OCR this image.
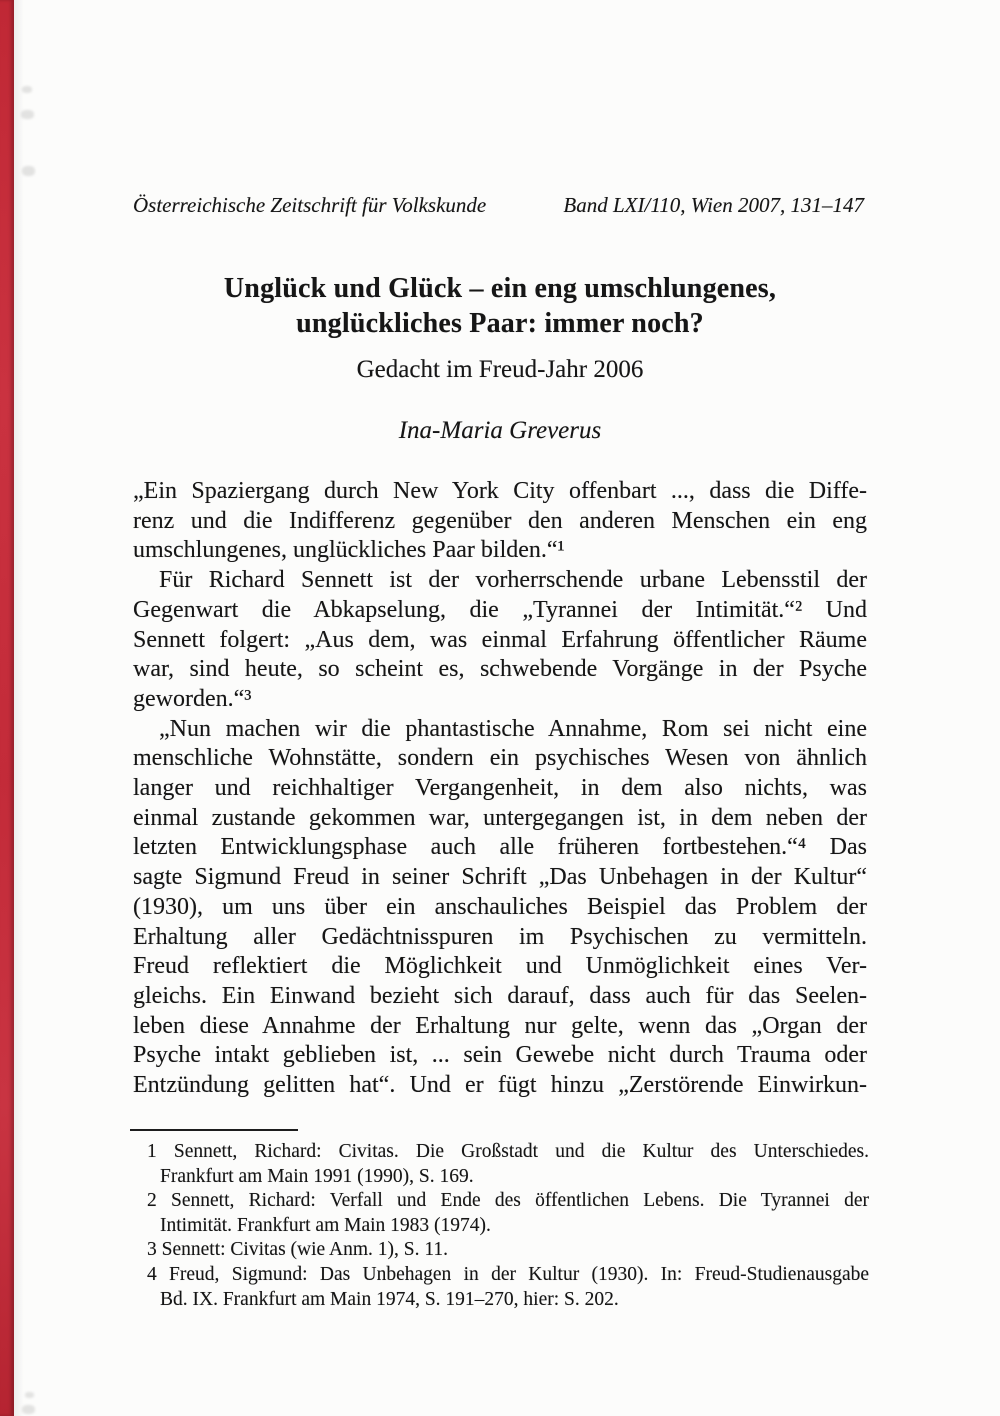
Österreichische Zeitschrift für Volkskunde	Band LXI/110, Wien 2007, 131–147
Unglück und Glück – ein eng umschlungenes,
unglückliches Paar: immer noch?
Gedacht im Freud-Jahr 2006
Ina-Maria Greverus
„Ein Spaziergang durch New York City offenbart ..., dass die Diffe-
renz und die Indifferenz gegenüber den anderen Menschen ein eng
umschlungenes, unglückliches Paar bilden.“¹
Für Richard Sennett ist der vorherrschende urbane Lebensstil der
Gegenwart die Abkapselung, die „Tyrannei der Intimität.“² Und
Sennett folgert: „Aus dem, was einmal Erfahrung öffentlicher Räume
war, sind heute, so scheint es, schwebende Vorgänge in der Psyche
geworden.“³
„Nun machen wir die phantastische Annahme, Rom sei nicht eine
menschliche Wohnstätte, sondern ein psychisches Wesen von ähnlich
langer und reichhaltiger Vergangenheit, in dem also nichts, was
einmal zustande gekommen war, untergegangen ist, in dem neben der
letzten Entwicklungsphase auch alle früheren fortbestehen.“⁴ Das
sagte Sigmund Freud in seiner Schrift „Das Unbehagen in der Kultur“
(1930), um uns über ein anschauliches Beispiel das Problem der
Erhaltung aller Gedächtnisspuren im Psychischen zu vermitteln.
Freud reflektiert die Möglichkeit und Unmöglichkeit eines Ver-
gleichs. Ein Einwand bezieht sich darauf, dass auch für das Seelen-
leben diese Annahme der Erhaltung nur gelte, wenn das „Organ der
Psyche intakt geblieben ist, ... sein Gewebe nicht durch Trauma oder
Entzündung gelitten hat“. Und er fügt hinzu „Zerstörende Einwirkun-
1 Sennett, Richard: Civitas. Die Großstadt und die Kultur des Unterschiedes.
Frankfurt am Main 1991 (1990), S. 169.
2 Sennett, Richard: Verfall und Ende des öffentlichen Lebens. Die Tyrannei der
Intimität. Frankfurt am Main 1983 (1974).
3 Sennett: Civitas (wie Anm. 1), S. 11.
4 Freud, Sigmund: Das Unbehagen in der Kultur (1930). In: Freud-Studienausgabe
Bd. IX. Frankfurt am Main 1974, S. 191–270, hier: S. 202.
